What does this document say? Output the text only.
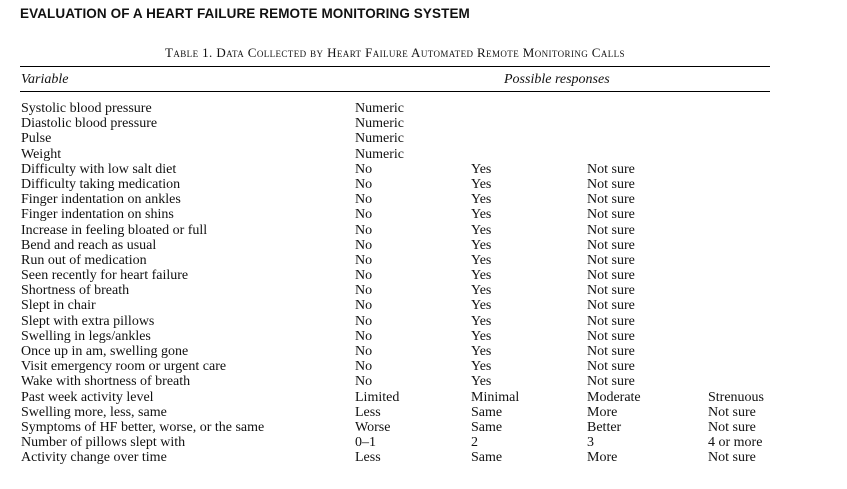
EVALUATION OF A HEART FAILURE REMOTE MONITORING SYSTEM
Table 1. Data Collected by Heart Failure Automated Remote Monitoring Calls
Variable	Possible responses
Systolic blood pressure	Numeric
Diastolic blood pressure	Numeric
Pulse	Numeric
Weight	Numeric
Difficulty with low salt diet	No	Yes	Not sure
Difficulty taking medication	No	Yes	Not sure
Finger indentation on ankles	No	Yes	Not sure
Finger indentation on shins	No	Yes	Not sure
Increase in feeling bloated or full	No	Yes	Not sure
Bend and reach as usual	No	Yes	Not sure
Run out of medication	No	Yes	Not sure
Seen recently for heart failure	No	Yes	Not sure
Shortness of breath	No	Yes	Not sure
Slept in chair	No	Yes	Not sure
Slept with extra pillows	No	Yes	Not sure
Swelling in legs/ankles	No	Yes	Not sure
Once up in am, swelling gone	No	Yes	Not sure
Visit emergency room or urgent care	No	Yes	Not sure
Wake with shortness of breath	No	Yes	Not sure
Past week activity level	Limited	Minimal	Moderate	Strenuous
Swelling more, less, same	Less	Same	More	Not sure
Symptoms of HF better, worse, or the same	Worse	Same	Better	Not sure
Number of pillows slept with	0–1	2	3	4 or more
Activity change over time	Less	Same	More	Not sure
